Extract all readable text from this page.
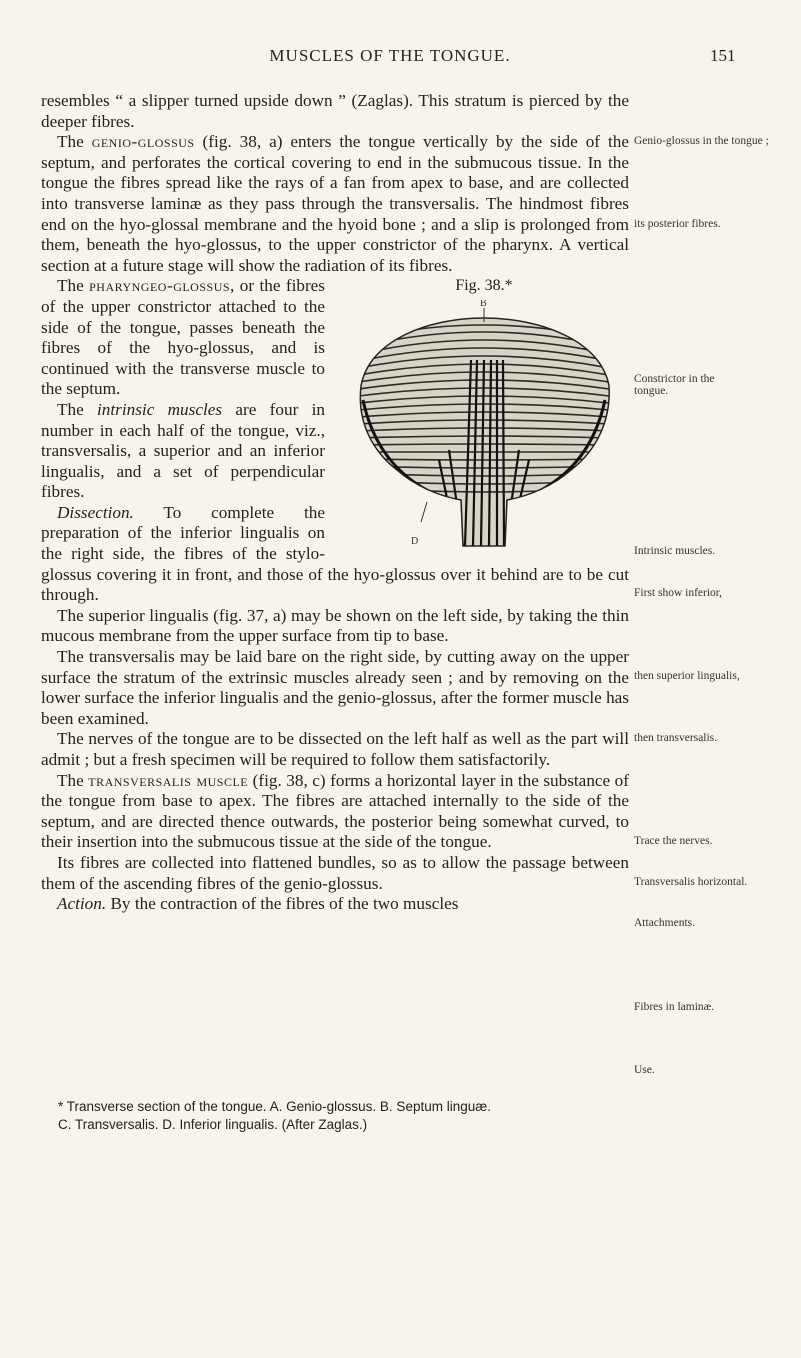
MUSCLES OF THE TONGUE.	151

resembles “ a slipper turned upside down ” (Zaglas). This stratum is pierced by the deeper fibres.

The genio-glossus (fig. 38, a) enters the tongue vertically by the side of the septum, and perforates the cortical covering to end in the submucous tissue. In the tongue the fibres spread like the rays of a fan from apex to base, and are collected into transverse laminæ as they pass through the transversalis. The hindmost fibres end on the hyo-glossal membrane and the hyoid bone ; and a slip is prolonged from them, beneath the hyo-glossus, to the upper constrictor of the pharynx. A vertical section at a future stage will show the radiation of its fibres.

Fig. 38.*
B
D

The pharyngeo-glossus, or the fibres of the upper constrictor attached to the side of the tongue, passes beneath the fibres of the hyo-glossus, and is continued with the transverse muscle to the septum.

The intrinsic muscles are four in number in each half of the tongue, viz., transversalis, a superior and an inferior lingualis, and a set of perpendicular fibres.

Dissection. To complete the preparation of the inferior lingualis on the right side, the fibres of the stylo-glossus covering it in front, and those of the hyo-glossus over it behind are to be cut through.

The superior lingualis (fig. 37, a) may be shown on the left side, by taking the thin mucous membrane from the upper surface from tip to base.

The transversalis may be laid bare on the right side, by cutting away on the upper surface the stratum of the extrinsic muscles already seen ; and by removing on the lower surface the inferior lingualis and the genio-glossus, after the former muscle has been examined.

The nerves of the tongue are to be dissected on the left half as well as the part will admit ; but a fresh specimen will be required to follow them satisfactorily.

The transversalis muscle (fig. 38, c) forms a horizontal layer in the substance of the tongue from base to apex. The fibres are attached internally to the side of the septum, and are directed thence outwards, the posterior being somewhat curved, to their insertion into the submucous tissue at the side of the tongue.

Its fibres are collected into flattened bundles, so as to allow the passage between them of the ascending fibres of the genio-glossus.

Action. By the contraction of the fibres of the two muscles

Genio-glossus in the tongue ;
its posterior fibres.
Constrictor in the tongue.
Intrinsic muscles.
First show inferior,
then superior lingualis,
then transversalis.
Trace the nerves.
Transversalis horizontal.
Attachments.
Fibres in laminæ.
Use.

* Transverse section of the tongue. A. Genio-glossus. B. Septum linguæ.

C. Transversalis. D. Inferior lingualis. (After Zaglas.)
